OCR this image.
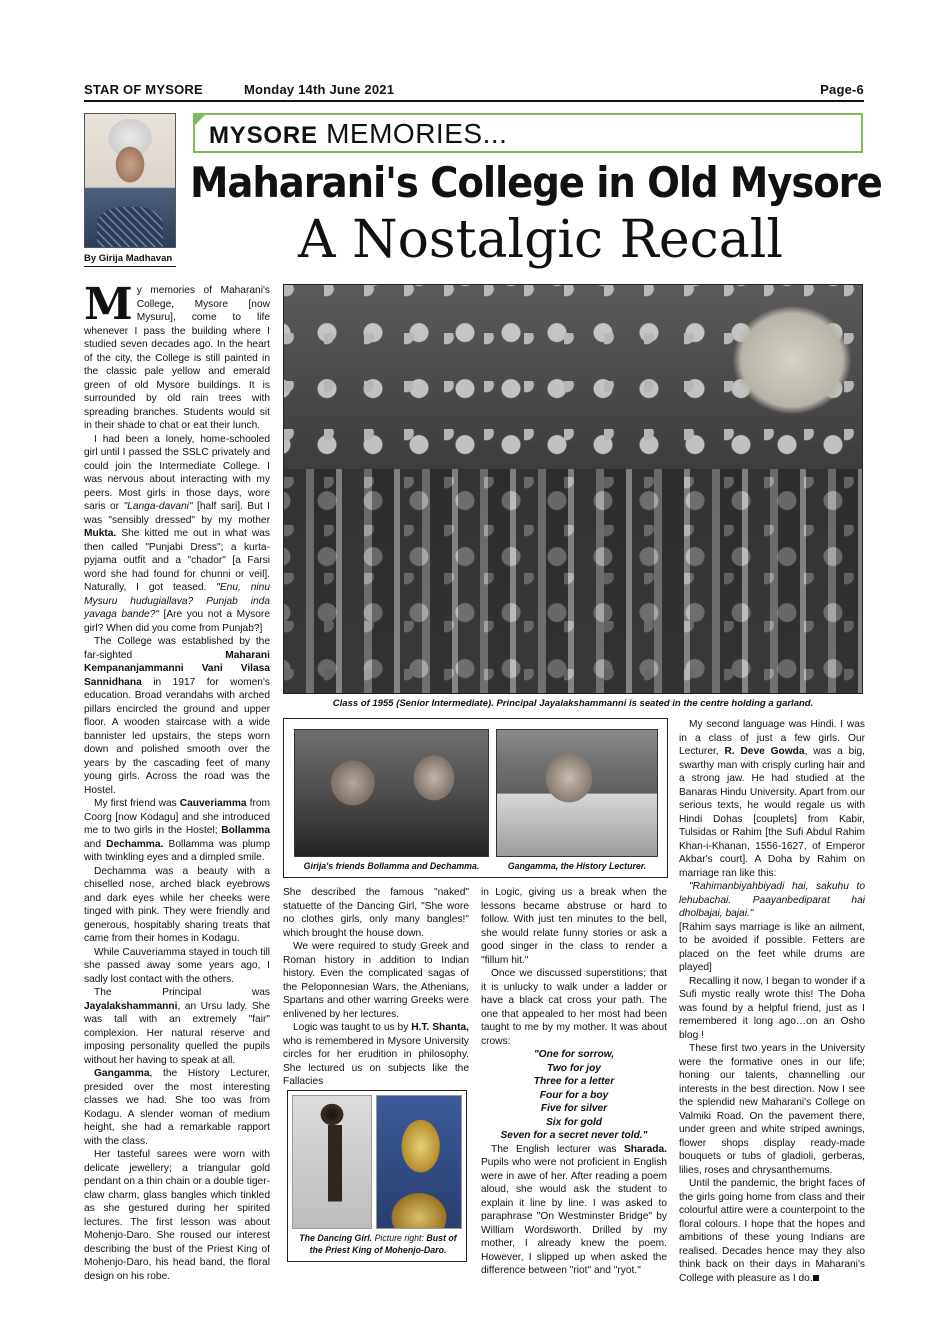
STAR OF MYSORE	Monday 14th June 2021	Page-6
By Girija Madhavan
MYSORE MEMORIES...
Maharani's College in Old Mysore
A Nostalgic Recall

My memories of Maharani's College, Mysore [now Mysuru], come to life whenever I pass the building where I studied seven decades ago. In the heart of the city, the College is still painted in the classic pale yellow and emerald green of old Mysore buildings. It is surrounded by old rain trees with spreading branches. Students would sit in their shade to chat or eat their lunch.

I had been a lonely, home-schooled girl until I passed the SSLC privately and could join the Intermediate College. I was nervous about interacting with my peers. Most girls in those days, wore saris or "Langa-davani" [half sari]. But I was "sensibly dressed" by my mother Mukta. She kitted me out in what was then called "Punjabi Dress"; a kurta-pyjama outfit and a "chador" [a Farsi word she had found for chunni or veil]. Naturally, I got teased. "Enu, ninu Mysuru hudugiallava? Punjab inda yavaga bande?" [Are you not a Mysore girl? When did you come from Punjab?]

The College was established by the far-sighted Maharani Kempananjammanni Vani Vilasa Sannidhana in 1917 for women's education. Broad verandahs with arched pillars encircled the ground and upper floor. A wooden staircase with a wide bannister led upstairs, the steps worn down and polished smooth over the years by the cascading feet of many young girls. Across the road was the Hostel.

My first friend was Cauveriamma from Coorg [now Kodagu] and she introduced me to two girls in the Hostel; Bollamma and Dechamma. Bollamma was plump with twinkling eyes and a dimpled smile.

Dechamma was a beauty with a chiselled nose, arched black eyebrows and dark eyes while her cheeks were tinged with pink. They were friendly and generous, hospitably sharing treats that came from their homes in Kodagu.

While Cauveriamma stayed in touch till she passed away some years ago, I sadly lost contact with the others.

The Principal was Jayalakshammanni, an Ursu lady. She was tall with an extremely "fair" complexion. Her natural reserve and imposing personality quelled the pupils without her having to speak at all.

Gangamma, the History Lecturer, presided over the most interesting classes we had. She too was from Kodagu. A slender woman of medium height, she had a remarkable rapport with the class.

Her tasteful sarees were worn with delicate jewellery; a triangular gold pendant on a thin chain or a double tiger-claw charm, glass bangles which tinkled as she gestured during her spirited lectures. The first lesson was about Mohenjo-Daro. She roused our interest describing the bust of the Priest King of Mohenjo-Daro, his head band, the floral design on his robe.

Class of 1955 (Senior Intermediate). Principal Jayalakshammanni is seated in the centre holding a garland.
Girija's friends Bollamma and Dechamma.	Gangamma, the History Lecturer.

She described the famous "naked" statuette of the Dancing Girl, "She wore no clothes girls, only many bangles!" which brought the house down.

We were required to study Greek and Roman history in addition to Indian history. Even the complicated sagas of the Peloponnesian Wars, the Athenians, Spartans and other warring Greeks were enlivened by her lectures.

Logic was taught to us by H.T. Shanta, who is remembered in Mysore University circles for her erudition in philosophy. She lectured us on subjects like the Fallacies

The Dancing Girl. Picture right: Bust of the Priest King of Mohenjo-Daro.

in Logic, giving us a break when the lessons became abstruse or hard to follow. With just ten minutes to the bell, she would relate funny stories or ask a good singer in the class to render a "fillum hit."

Once we discussed superstitions; that it is unlucky to walk under a ladder or have a black cat cross your path. The one that appealed to her most had been taught to me by my mother. It was about crows:

"One for sorrow,
Two for joy
Three for a letter
Four for a boy
Five for silver
Six for gold
Seven for a secret never told."

The English lecturer was Sharada. Pupils who were not proficient in English were in awe of her. After reading a poem aloud, she would ask the student to explain it line by line. I was asked to paraphrase "On Westminster Bridge" by William Wordsworth. Drilled by my mother, I already knew the poem. However, I slipped up when asked the difference between "riot" and "ryot."

My second language was Hindi. I was in a class of just a few girls. Our Lecturer, R. Deve Gowda, was a big, swarthy man with crisply curling hair and a strong jaw. He had studied at the Banaras Hindu University. Apart from our serious texts, he would regale us with Hindi Dohas [couplets] from Kabir, Tulsidas or Rahim [the Sufi Abdul Rahim Khan-i-Khanan, 1556-1627, of Emperor Akbar's court]. A Doha by Rahim on marriage ran like this:

"Rahimanbiyahbiyadi hai, sakuhu to lehubachai. Paayanbediparat hai dholbajai, bajai."

[Rahim says marriage is like an ailment, to be avoided if possible. Fetters are placed on the feet while drums are played]

Recalling it now, I began to wonder if a Sufi mystic really wrote this! The Doha was found by a helpful friend, just as I remembered it long ago…on an Osho blog !

These first two years in the University were the formative ones in our life; honing our talents, channelling our interests in the best direction. Now I see the splendid new Maharani's College on Valmiki Road. On the pavement there, under green and white striped awnings, flower shops display ready-made bouquets or tubs of gladioli, gerberas, lilies, roses and chrysanthemums.

Until the pandemic, the bright faces of the girls going home from class and their colourful attire were a counterpoint to the floral colours. I hope that the hopes and ambitions of these young Indians are realised. Decades hence may they also think back on their days in Maharani's College with pleasure as I do.
